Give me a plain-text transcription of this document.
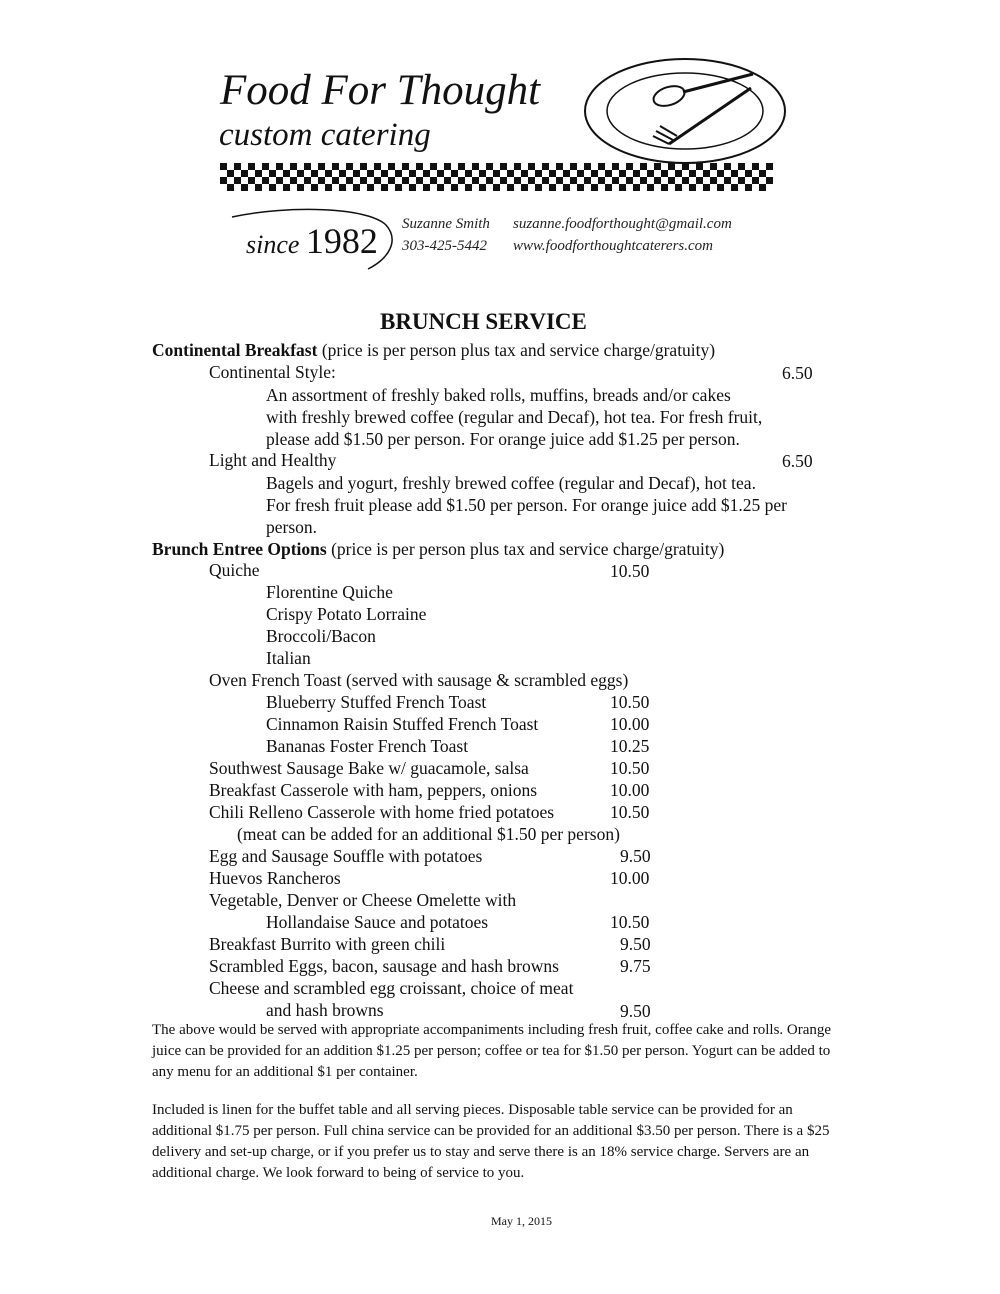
Food For Thought
custom catering
since 1982 Suzanne Smith
303-425-5442
suzanne.foodforthought@gmail.com
www.foodforthoughtcaterers.com
BRUNCH SERVICE
Continental Breakfast (price is per person plus tax and service charge/gratuity)
Continental Style:	6.50
An assortment of freshly baked rolls, muffins, breads and/or cakes
with freshly brewed coffee (regular and Decaf), hot tea. For fresh fruit,
please add $1.50 per person. For orange juice add $1.25 per person.
Light and Healthy	6.50
Bagels and yogurt, freshly brewed coffee (regular and Decaf), hot tea.
For fresh fruit please add $1.50 per person. For orange juice add $1.25 per
person.
Brunch Entree Options (price is per person plus tax and service charge/gratuity)
Quiche	10.50
Florentine Quiche
Crispy Potato Lorraine
Broccoli/Bacon
Italian
Oven French Toast (served with sausage & scrambled eggs)
Blueberry Stuffed French Toast	10.50
Cinnamon Raisin Stuffed French Toast	10.00
Bananas Foster French Toast	10.25
Southwest Sausage Bake w/ guacamole, salsa	10.50
Breakfast Casserole with ham, peppers, onions	10.00
Chili Relleno Casserole with home fried potatoes	10.50
(meat can be added for an additional $1.50 per person)
Egg and Sausage Souffle with potatoes	9.50
Huevos Rancheros	10.00
Vegetable, Denver or Cheese Omelette with
Hollandaise Sauce and potatoes	10.50
Breakfast Burrito with green chili	9.50
Scrambled Eggs, bacon, sausage and hash browns	9.75
Cheese and scrambled egg croissant, choice of meat
and hash browns	9.50
The above would be served with appropriate accompaniments including fresh fruit, coffee cake and rolls. Orange juice can be provided for an addition $1.25 per person; coffee or tea for $1.50 per person. Yogurt can be added to any menu for an additional $1 per container.
Included is linen for the buffet table and all serving pieces. Disposable table service can be provided for an additional $1.75 per person. Full china service can be provided for an additional $3.50 per person. There is a $25 delivery and set-up charge, or if you prefer us to stay and serve there is an 18% service charge. Servers are an additional charge. We look forward to being of service to you.
May 1, 2015
